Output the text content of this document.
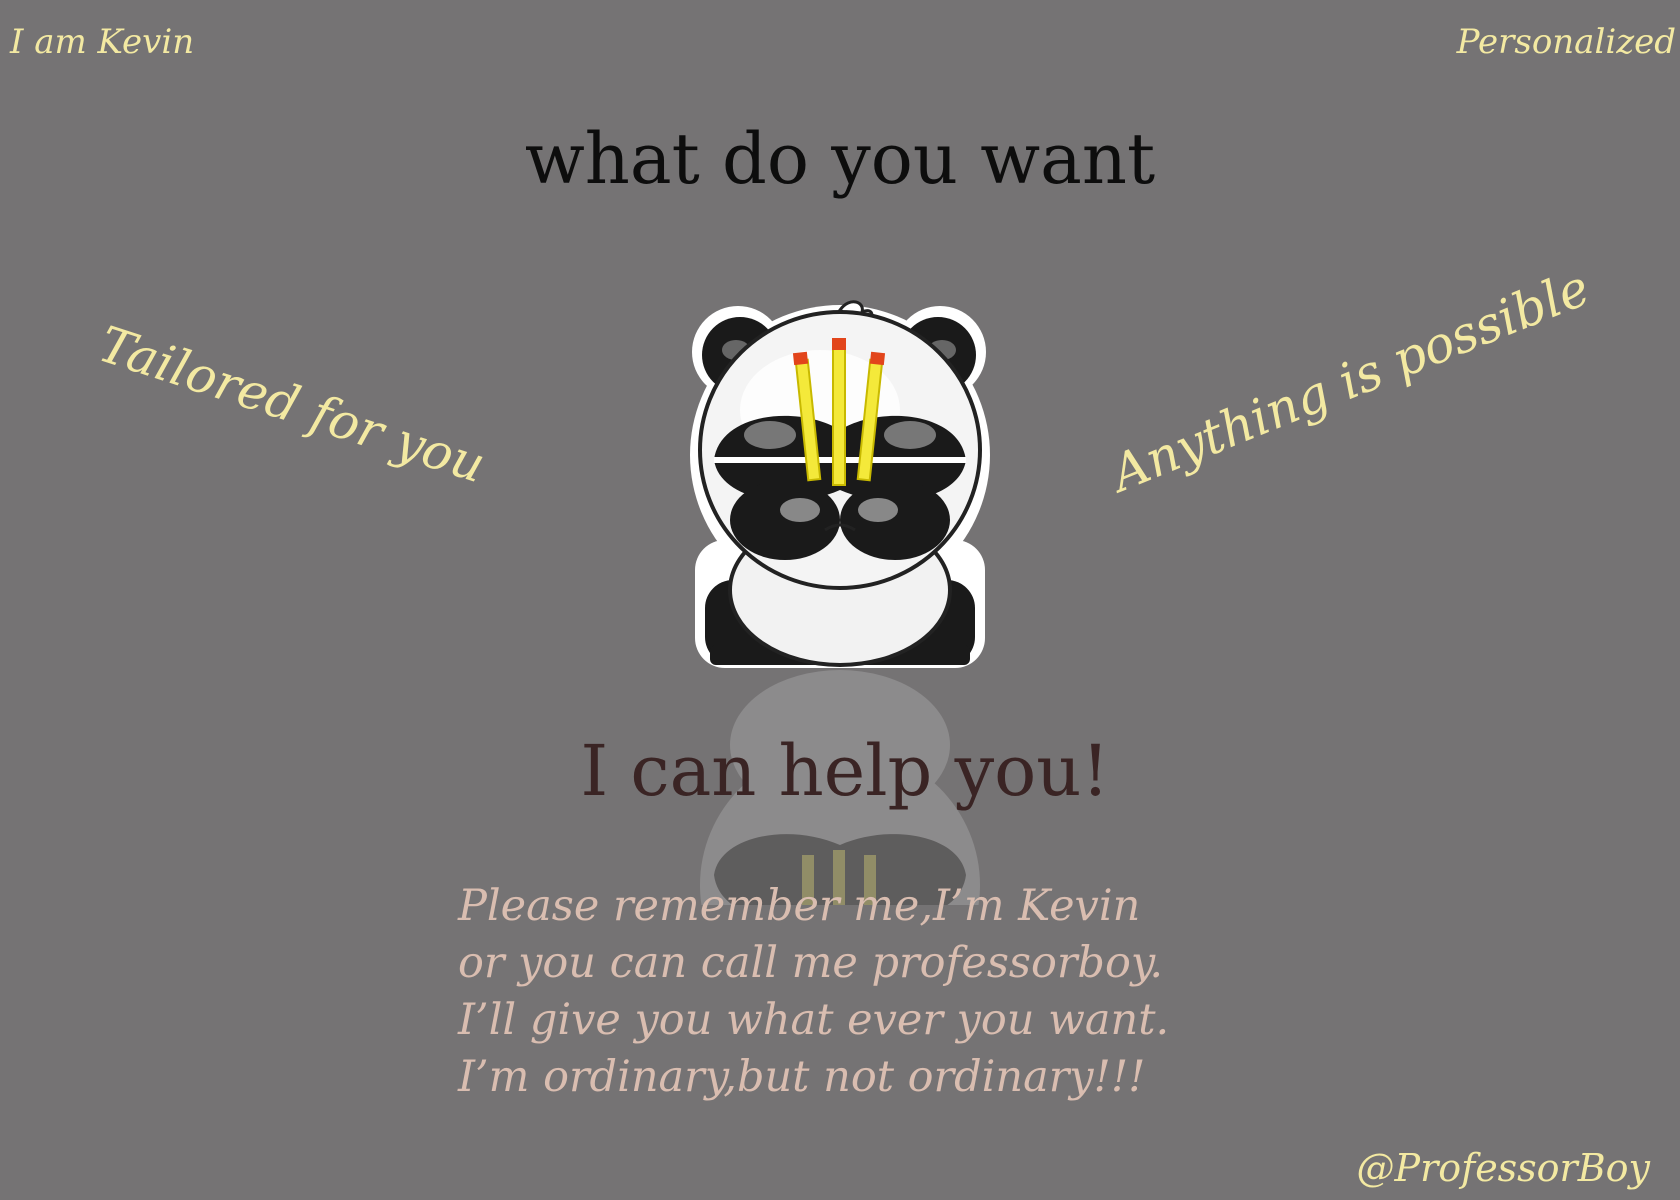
I am Kevin	Personalized
what do you want
Tailored for you	Anything is possible
I can help you!
Please remember me,I’m Kevin
or you can call me professorboy.
I’ll give you what ever you want.
I’m ordinary,but not ordinary!!!
@ProfessorBoy
